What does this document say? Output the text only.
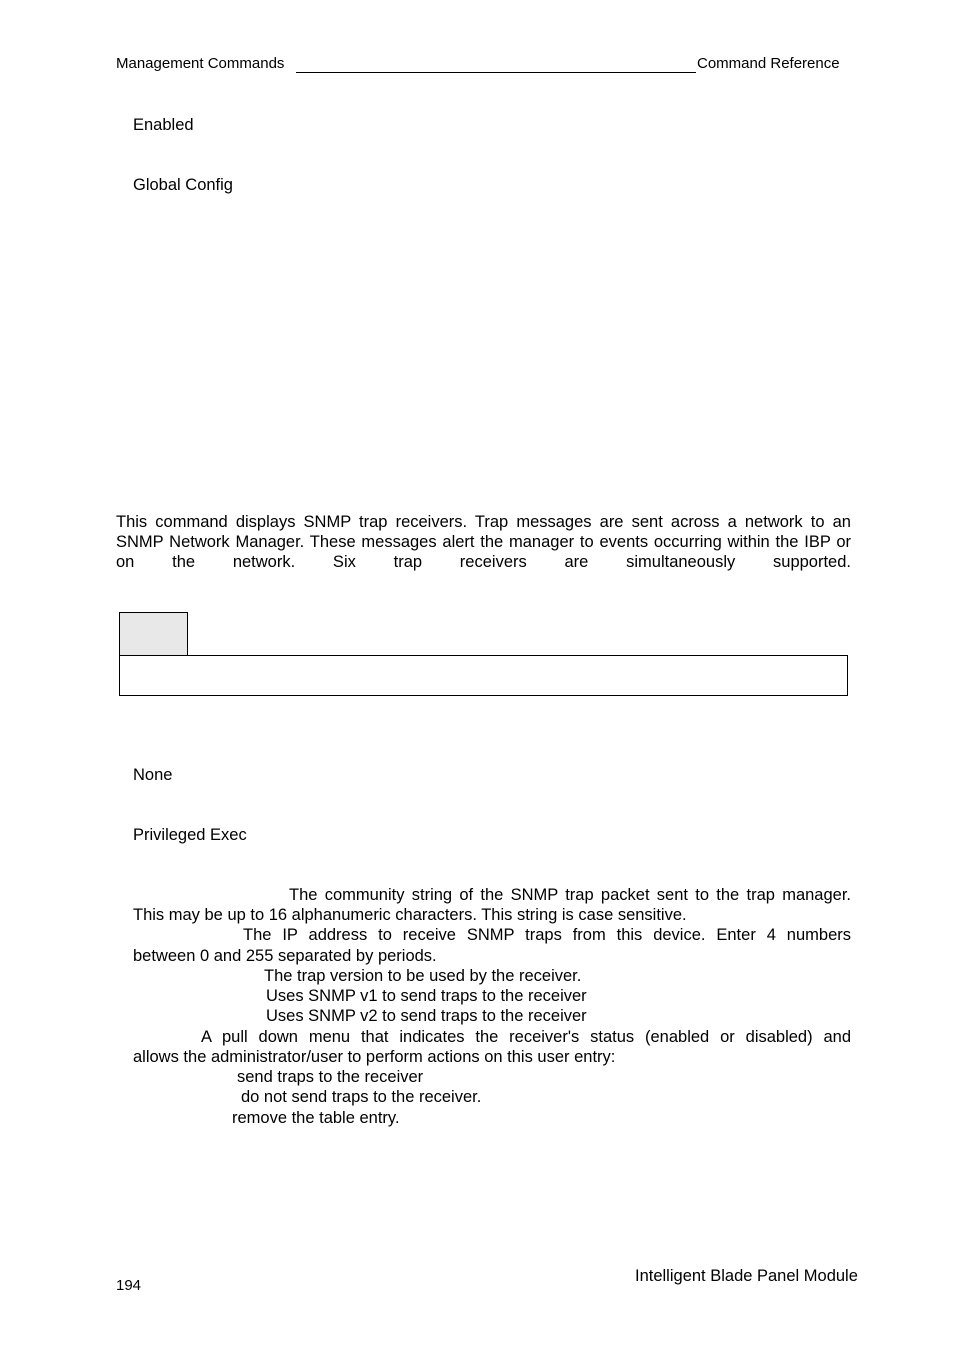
Management Commands	Command Reference
Enabled
Global Config
This command displays SNMP trap receivers. Trap messages are sent across a network to an SNMP Network Manager. These messages alert the manager to events occurring within the IBP or on the network. Six trap receivers are simultaneously supported.
None
Privileged Exec
The community string of the SNMP trap packet sent to the trap manager.
This may be up to 16 alphanumeric characters. This string is case sensitive.
The IP address to receive SNMP traps from this device. Enter 4 numbers
between 0 and 255 separated by periods.
The trap version to be used by the receiver.
Uses SNMP v1 to send traps to the receiver
Uses SNMP v2 to send traps to the receiver
A pull down menu that indicates the receiver's status (enabled or disabled) and
allows the administrator/user to perform actions on this user entry:
send traps to the receiver
do not send traps to the receiver.
remove the table entry.
194
Intelligent Blade Panel Module
